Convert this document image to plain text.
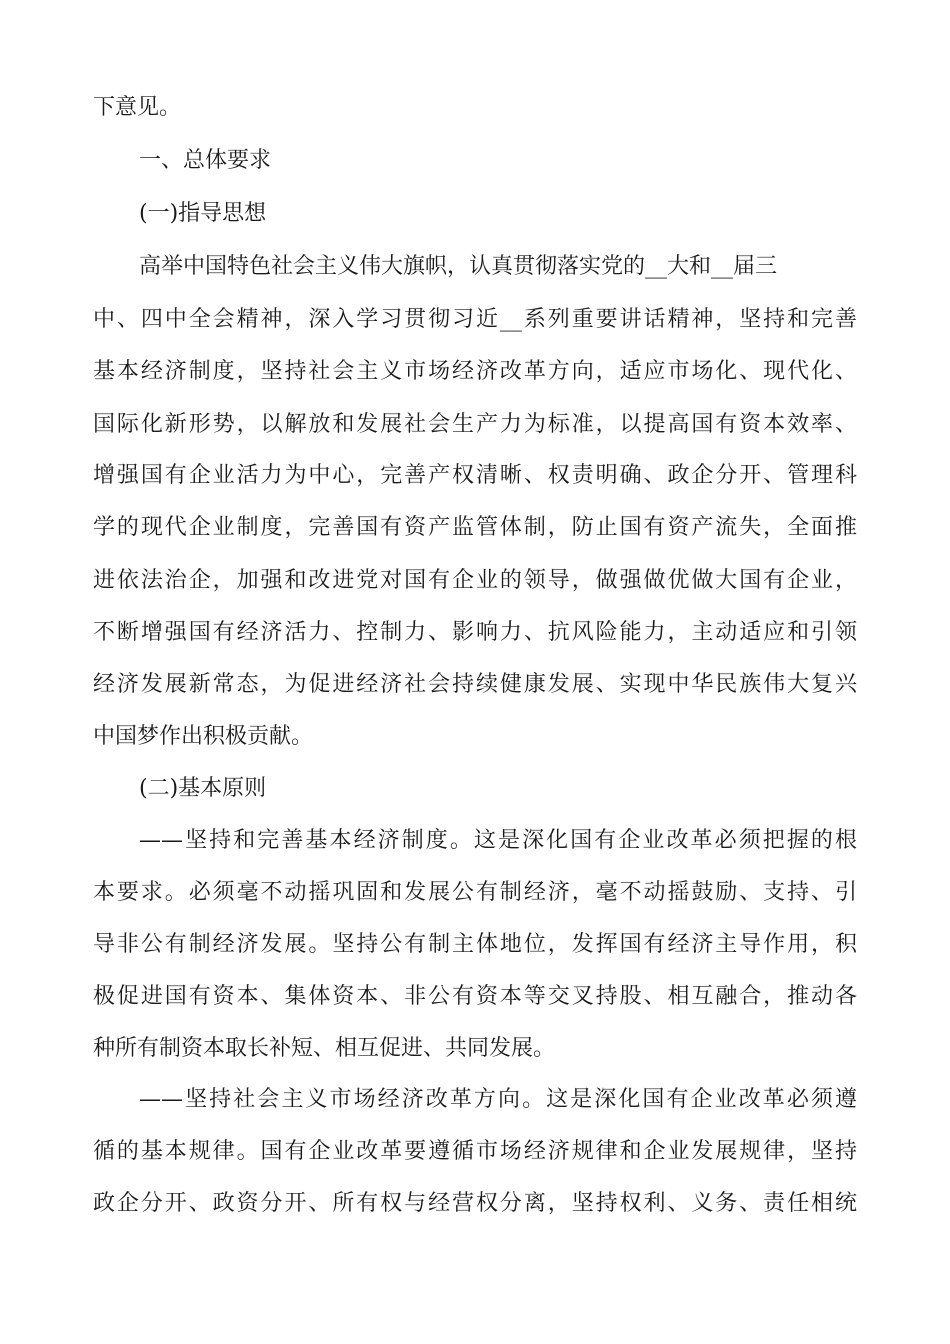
下意见。
一、总体要求
(一)指导思想
高举中国特色社会主义伟大旗帜，认真贯彻落实党的__大和__届三
中、四中全会精神，深入学习贯彻习近__系列重要讲话精神，坚持和完善
基本经济制度，坚持社会主义市场经济改革方向，适应市场化、现代化、
国际化新形势，以解放和发展社会生产力为标准，以提高国有资本效率、
增强国有企业活力为中心，完善产权清晰、权责明确、政企分开、管理科
学的现代企业制度，完善国有资产监管体制，防止国有资产流失，全面推
进依法治企，加强和改进党对国有企业的领导，做强做优做大国有企业，
不断增强国有经济活力、控制力、影响力、抗风险能力，主动适应和引领
经济发展新常态，为促进经济社会持续健康发展、实现中华民族伟大复兴
中国梦作出积极贡献。
(二)基本原则
——坚持和完善基本经济制度。这是深化国有企业改革必须把握的根
本要求。必须毫不动摇巩固和发展公有制经济，毫不动摇鼓励、支持、引
导非公有制经济发展。坚持公有制主体地位，发挥国有经济主导作用，积
极促进国有资本、集体资本、非公有资本等交叉持股、相互融合，推动各
种所有制资本取长补短、相互促进、共同发展。
——坚持社会主义市场经济改革方向。这是深化国有企业改革必须遵
循的基本规律。国有企业改革要遵循市场经济规律和企业发展规律，坚持
政企分开、政资分开、所有权与经营权分离，坚持权利、义务、责任相统
